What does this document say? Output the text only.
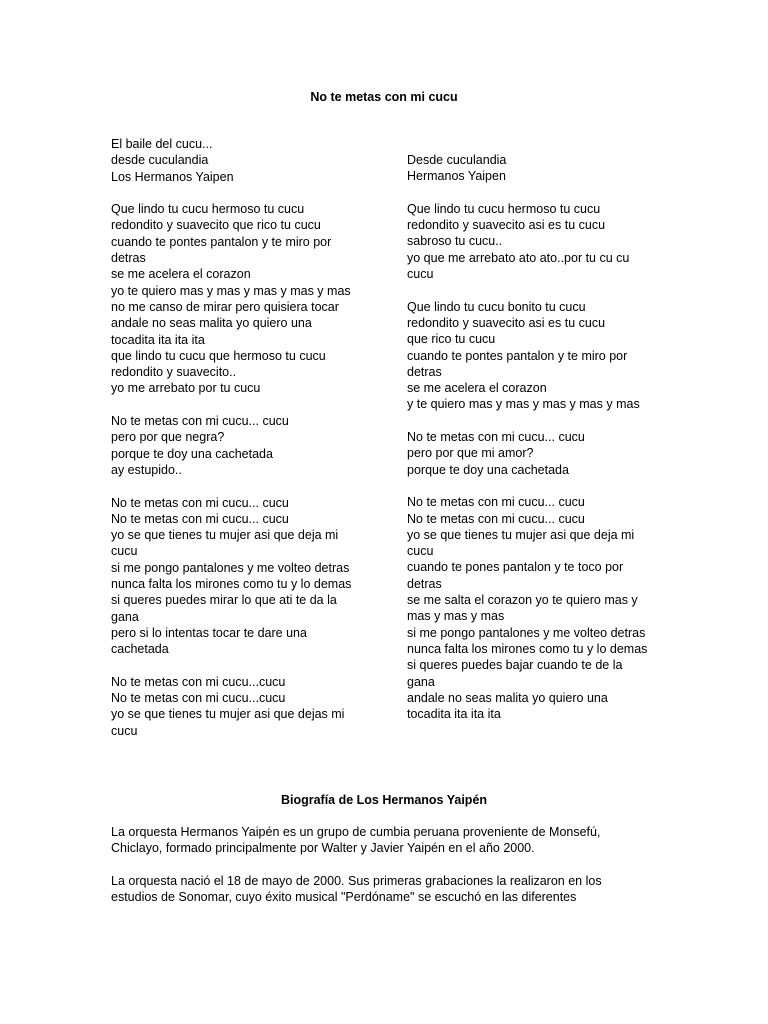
No te metas con mi cucu
El baile del cucu...
desde cuculandia
Los Hermanos Yaipen
Que lindo tu cucu hermoso tu cucu
redondito y suavecito que rico tu cucu
cuando te pontes pantalon y te miro por
detras
se me acelera el corazon
yo te quiero mas y mas y mas y mas y mas
no me canso de mirar pero quisiera tocar
andale no seas malita yo quiero una
tocadita ita ita ita
que lindo tu cucu que hermoso tu cucu
redondito y suavecito..
yo me arrebato por tu cucu
No te metas con mi cucu... cucu
pero por que negra?
porque te doy una cachetada
ay estupido..
No te metas con mi cucu... cucu
No te metas con mi cucu... cucu
yo se que tienes tu mujer asi que deja mi
cucu
si me pongo pantalones y me volteo detras
nunca falta los mirones como tu y lo demas
si queres puedes mirar lo que ati te da la
gana
pero si lo intentas tocar te dare una
cachetada
No te metas con mi cucu...cucu
No te metas con mi cucu...cucu
yo se que tienes tu mujer asi que dejas mi
cucu
Desde cuculandia
Hermanos Yaipen
Que lindo tu cucu hermoso tu cucu
redondito y suavecito asi es tu cucu
sabroso tu cucu..
yo que me arrebato ato ato..por tu cu cu
cucu
Que lindo tu cucu bonito tu cucu
redondito y suavecito asi es tu cucu
que rico tu cucu
cuando te pontes pantalon y te miro por
detras
se me acelera el corazon
y te quiero mas y mas y mas y mas y mas
No te metas con mi cucu... cucu
pero por que mi amor?
porque te doy una cachetada
No te metas con mi cucu... cucu
No te metas con mi cucu... cucu
yo se que tienes tu mujer asi que deja mi
cucu
cuando te pones pantalon y te toco por
detras
se me salta el corazon yo te quiero mas y
mas y mas y mas
si me pongo pantalones y me volteo detras
nunca falta los mirones como tu y lo demas
si queres puedes bajar cuando te de la
gana
andale no seas malita yo quiero una
tocadita ita ita ita
Biografía de Los Hermanos Yaipén

La orquesta Hermanos Yaipén es un grupo de cumbia peruana proveniente de Monsefú, Chiclayo, formado principalmente por Walter y Javier Yaipén en el año 2000.

La orquesta nació el 18 de mayo de 2000. Sus primeras grabaciones la realizaron en los estudios de Sonomar, cuyo éxito musical "Perdóname" se escuchó en las diferentes
